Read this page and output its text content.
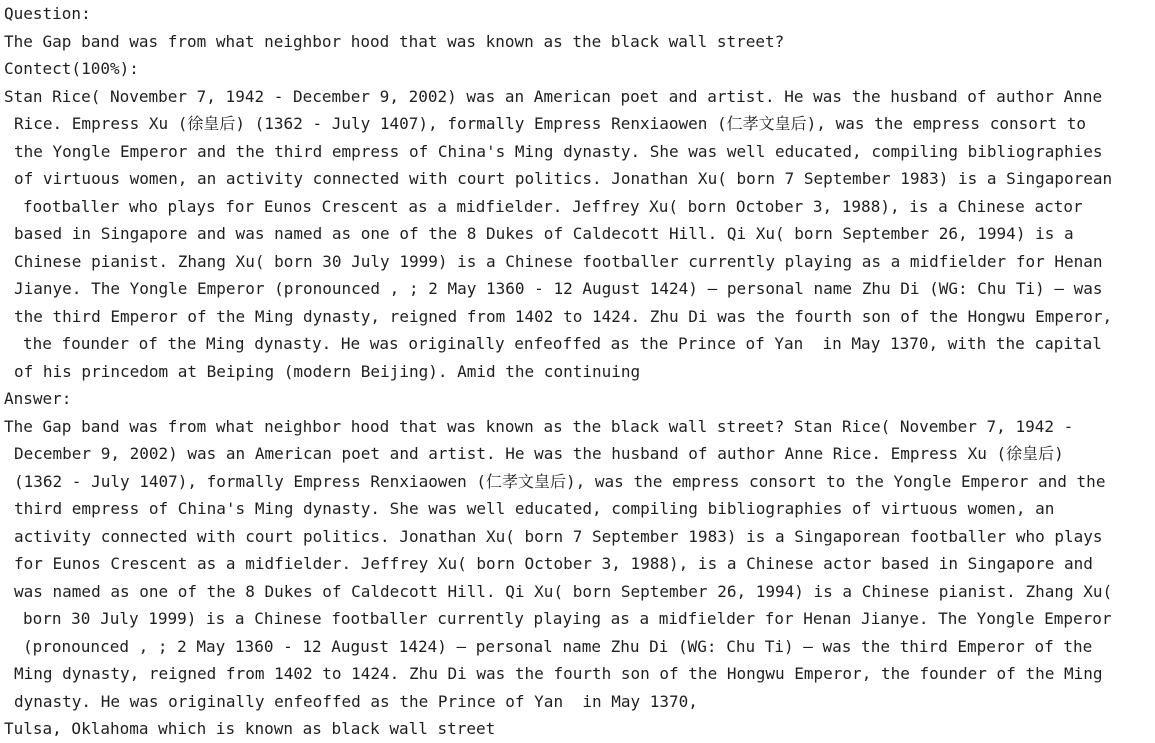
Question:
The Gap band was from what neighbor hood that was known as the black wall street?
Contect(100%):
Stan Rice( November 7, 1942 - December 9, 2002) was an American poet and artist. He was the husband of author Anne
Rice. Empress Xu (徐皇后) (1362 - July 1407), formally Empress Renxiaowen (仁孝文皇后), was the empress consort to
the Yongle Emperor and the third empress of China's Ming dynasty. She was well educated, compiling bibliographies
of virtuous women, an activity connected with court politics. Jonathan Xu( born 7 September 1983) is a Singaporean
footballer who plays for Eunos Crescent as a midfielder. Jeffrey Xu( born October 3, 1988), is a Chinese actor
based in Singapore and was named as one of the 8 Dukes of Caldecott Hill. Qi Xu( born September 26, 1994) is a
Chinese pianist. Zhang Xu( born 30 July 1999) is a Chinese footballer currently playing as a midfielder for Henan
Jianye. The Yongle Emperor (pronounced , ; 2 May 1360 - 12 August 1424) — personal name Zhu Di (WG: Chu Ti) — was
the third Emperor of the Ming dynasty, reigned from 1402 to 1424. Zhu Di was the fourth son of the Hongwu Emperor,
the founder of the Ming dynasty. He was originally enfeoffed as the Prince of Yan  in May 1370, with the capital
of his princedom at Beiping (modern Beijing). Amid the continuing
Answer:
The Gap band was from what neighbor hood that was known as the black wall street? Stan Rice( November 7, 1942 -
December 9, 2002) was an American poet and artist. He was the husband of author Anne Rice. Empress Xu (徐皇后)
(1362 - July 1407), formally Empress Renxiaowen (仁孝文皇后), was the empress consort to the Yongle Emperor and the
third empress of China's Ming dynasty. She was well educated, compiling bibliographies of virtuous women, an
activity connected with court politics. Jonathan Xu( born 7 September 1983) is a Singaporean footballer who plays
for Eunos Crescent as a midfielder. Jeffrey Xu( born October 3, 1988), is a Chinese actor based in Singapore and
was named as one of the 8 Dukes of Caldecott Hill. Qi Xu( born September 26, 1994) is a Chinese pianist. Zhang Xu(
born 30 July 1999) is a Chinese footballer currently playing as a midfielder for Henan Jianye. The Yongle Emperor
(pronounced , ; 2 May 1360 - 12 August 1424) — personal name Zhu Di (WG: Chu Ti) — was the third Emperor of the
Ming dynasty, reigned from 1402 to 1424. Zhu Di was the fourth son of the Hongwu Emperor, the founder of the Ming
dynasty. He was originally enfeoffed as the Prince of Yan  in May 1370,
Tulsa, Oklahoma which is known as black wall street
